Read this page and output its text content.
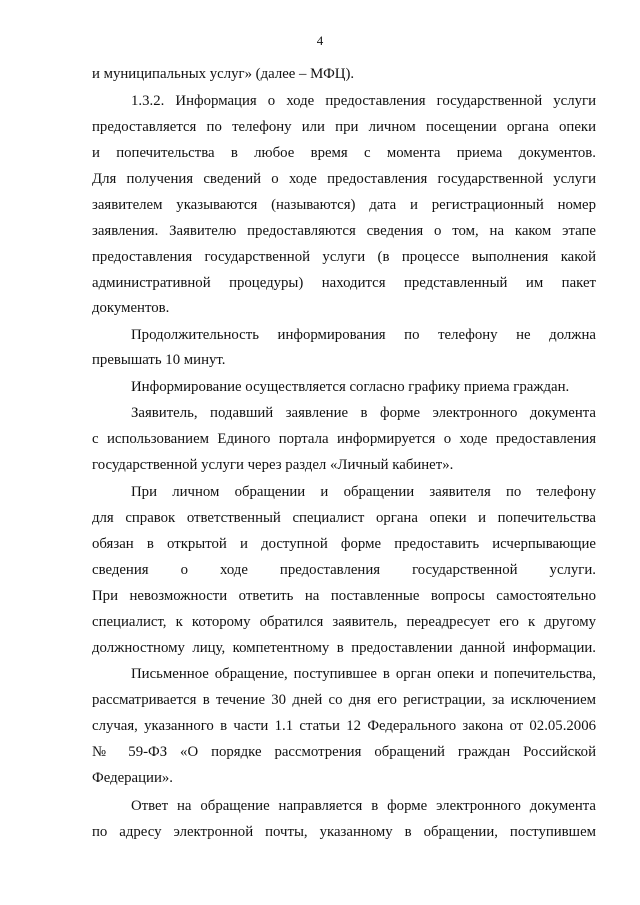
4
и муниципальных услуг» (далее – МФЦ).
1.3.2. Информация о ходе предоставления государственной услуги
предоставляется по телефону или при личном посещении органа опеки
и попечительства в любое время с момента приема документов.
Для получения сведений о ходе предоставления государственной услуги
заявителем указываются (называются) дата и регистрационный номер
заявления. Заявителю предоставляются сведения о том, на каком этапе
предоставления государственной услуги (в процессе выполнения какой
административной процедуры) находится представленный им пакет
документов.
Продолжительность информирования по телефону не должна
превышать 10 минут.
Информирование осуществляется согласно графику приема граждан.
Заявитель, подавший заявление в форме электронного документа
с использованием Единого портала информируется о ходе предоставления
государственной услуги через раздел «Личный кабинет».
При личном обращении и обращении заявителя по телефону
для справок ответственный специалист органа опеки и попечительства
обязан в открытой и доступной форме предоставить исчерпывающие
сведения о ходе предоставления государственной услуги.
При невозможности ответить на поставленные вопросы самостоятельно
специалист, к которому обратился заявитель, переадресует его к другому
должностному лицу, компетентному в предоставлении данной информации.
Письменное обращение, поступившее в орган опеки и попечительства,
рассматривается в течение 30 дней со дня его регистрации, за исключением
случая, указанного в части 1.1 статьи 12 Федерального закона от 02.05.2006
№ 59-ФЗ «О порядке рассмотрения обращений граждан Российской
Федерации».
Ответ на обращение направляется в форме электронного документа
по адресу электронной почты, указанному в обращении, поступившем
